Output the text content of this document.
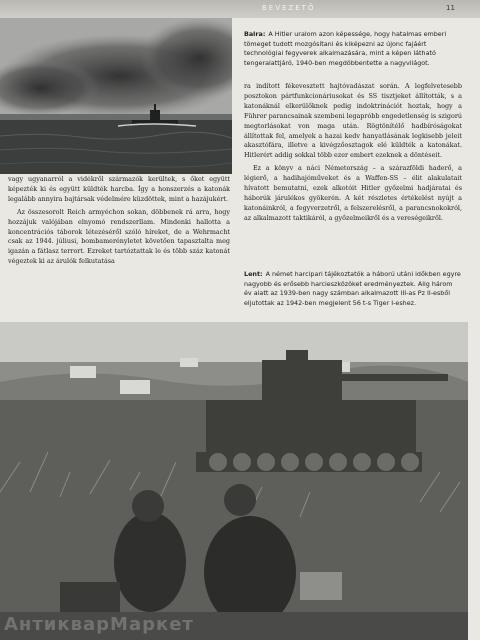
BEVEZETŐ	11
Balra: A Hitler uralom azon képessége, hogy hatalmas emberi tömeget tudott mozgósítani és kiképezni az újonc fajáért technológiai fegyverek alkalmazására, mint a képen látható tengeralattjáró, 1940-ben megdöbbentette a nagyvilágot.

ra indított fékevesztett hajtóvadászat során. A legfelvetesebb posztokon pártfunkcionáriusokat és SS tisztjeket állították, s a katonáknál elkerülőknek pedig indoktrinációt hoztak, hogy a Führer parancsainak szembeni legapróbb engedetlenség is szigorú megtorlásokat von maga után. Rögtönítélő hadbíróságokat állítottak fel, amelyek a hazai kedv hanyatlásának legkisebb jeleit akasztófára, illetve a kivégzőosztagok elé küldték a katonákat. Hitlerért addig sokkal több ezer embert ezeknek a döntéseit.

Ez a könyv a náci Németország – a szárazföldi haderő, a légierő, a hadihajóműveket és a Waffen-SS – élit alakulatait hívatott bemutatni, ezek alkotóit Hitler győzelmi hadjáratai és háborúk járulékos gyökerén. A két részletes értékelést nyújt a katonáinkról, a fegyverzetről, a felszerelésről, a parancsnokokról, az alkalmazott taktikáról, a győzelmeikről és a vereségeikről.

Lent: A német harcipari tájékoztatók a háború utáni időkben egyre nagyobb és erősebb harcieszközöket eredményeztek. Alig három év alatt az 1939-ben nagy számban alkalmazott III-as Pz II-esből eljutottak az 1942-ben megjelent 56 t-s Tiger I-eshez.

vagy ugyanarról a vidékről származók kerültek, s őket együtt képezték ki és együtt küldték harcba. Így a honszerzés a katonák legalább annyira bajtársak védelmére küzdöttek, mint a hazájukért.

Az összesorolt Reich armyéchon sokan, döbbenek rá arra, hogy hozzájuk valójában elnyomó rendszerllam. Mindenki hallotta a koncentrációs táborok létezéséről szóló híreket, de a Wehrmacht csak az 1944. júliusi, bombamerényletet követően tapasztalta meg igazán a fátlasz terrort. Ezreket tartóztattak le és több száz katonát végeztek ki az árulók felkutatása

АнтикварМаркет
